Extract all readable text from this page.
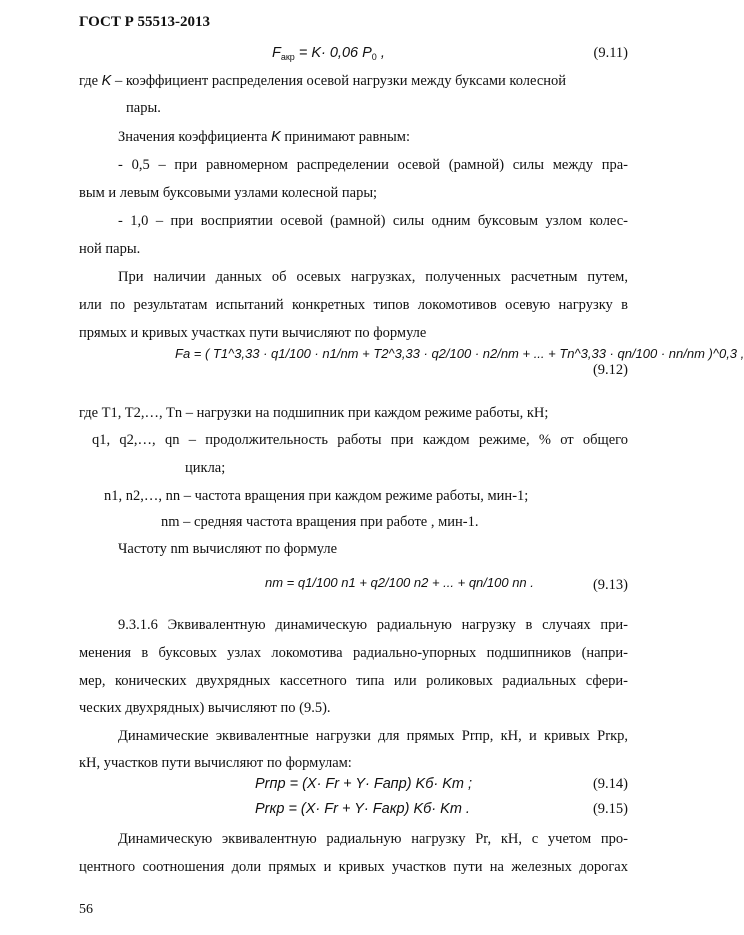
ГОСТ Р 55513-2013
$F_{акр} = K\cdot 0,06$ $P_0$ ,	(9.11)
где K – коэффициент распределения осевой нагрузки между буксами колесной
пары.
Значения коэффициента K принимают равным:
- 0,5 – при равномерном распределении осевой (рамной) силы между пра-
вым и левым буксовыми узлами колесной пары;
- 1,0 – при восприятии осевой (рамной) силы одним буксовым узлом колес-
ной пары.
При наличии данных об осевых нагрузках, полученных расчетным путем,
или по результатам испытаний конкретных типов локомотивов осевую нагрузку в
прямых и кривых участках пути вычисляют по формуле
Fa = ( T1^3,33 · q1/100 · n1/nm + T2^3,33 · q2/100 · n2/nm + ... + Tn^3,33 · qn/100 · nn/nm )^0,3 ,
(9.12)
где T1, T2,…, Tn – нагрузки на подшипник при каждом режиме работы, кН;
q1, q2,…, qn – продолжительность работы при каждом режиме, % от общего
цикла;
n1, n2,…, nn – частота вращения при каждом режиме работы, мин-1;
nm – средняя частота вращения при работе , мин-1.
Частоту nm вычисляют по формуле
nm = q1/100 n1 + q2/100 n2 + ... + qn/100 nn .	(9.13)
9.3.1.6 Эквивалентную динамическую радиальную нагрузку в случаях при-
менения в буксовых узлах локомотива радиально-упорных подшипников (напри-
мер, конических двухрядных кассетного типа или роликовых радиальных сфери-
ческих двухрядных) вычисляют по (9.5).
Динамические эквивалентные нагрузки для прямых Prпр, кН, и кривых Prкр,
кН, участков пути вычисляют по формулам:
Prпр = (X· Fr + Y· Fапр) Kб· Kт ;	(9.14)
Prкр = (X· Fr + Y· Fакр) Kб· Kт .	(9.15)
Динамическую эквивалентную радиальную нагрузку Pr, кН, с учетом про-
центного соотношения доли прямых и кривых участков пути на железных дорогах
56
